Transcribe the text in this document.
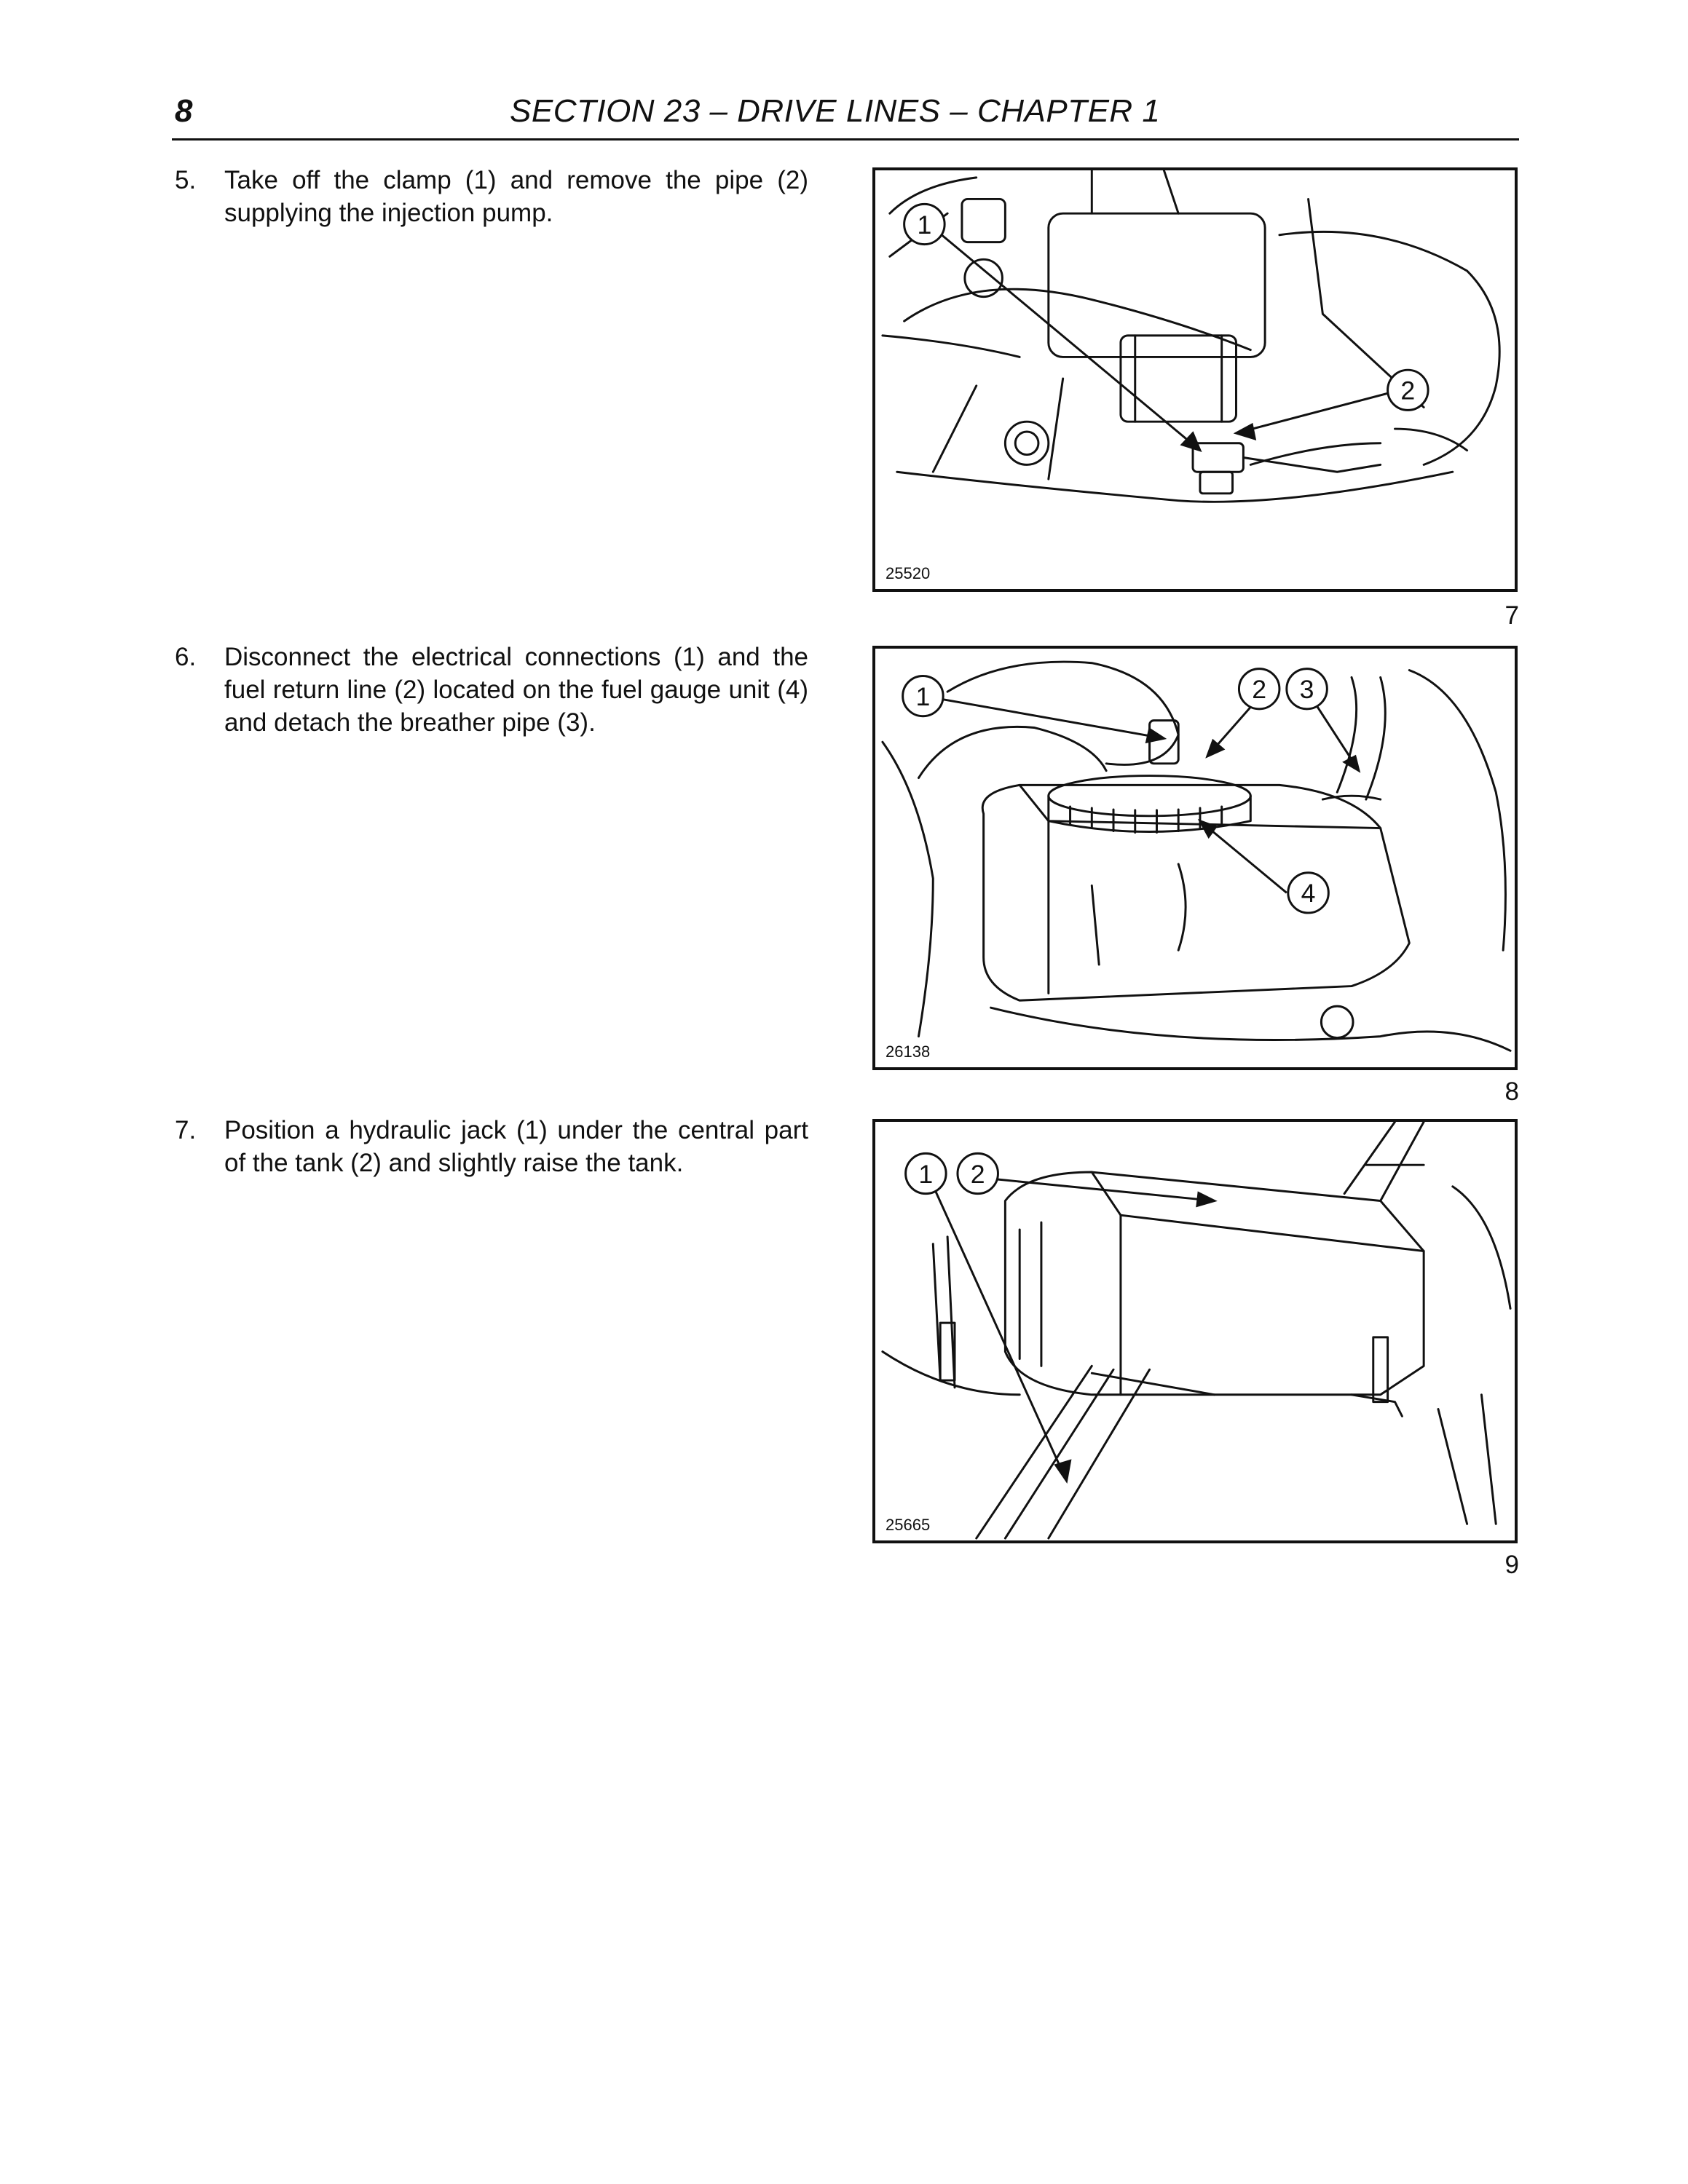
8	SECTION 23 – DRIVE LINES – CHAPTER 1
5. Take off the clamp (1) and remove the pipe (2) supplying the injection pump.	1
2
25520
7
6. Disconnect the electrical connections (1) and the fuel return line (2) located on the fuel gauge unit (4) and detach the breather pipe (3).
1	2 3
4
26138
8
7. Position a hydraulic jack (1) under the central part of the tank (2) and slightly raise the tank.	1 2
25665
9
